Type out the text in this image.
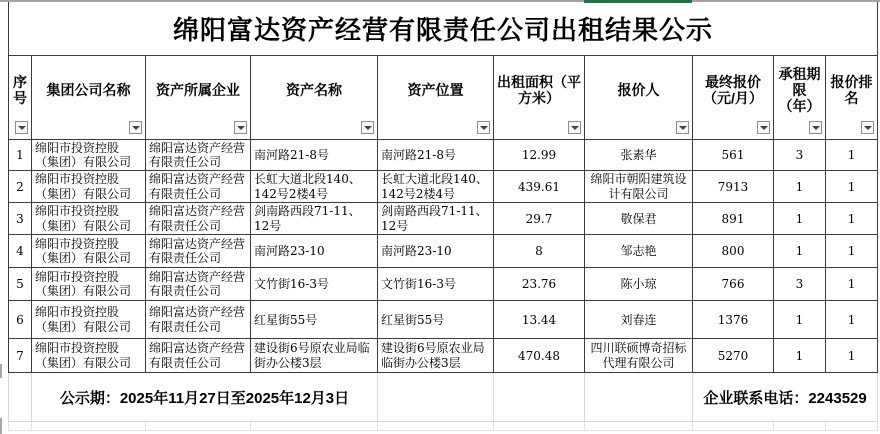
绵阳富达资产经营有限责任公司出租结果公示									
序号	集团公司名称	资产所属企业	资产名称	资产位置	出租面积（平方米）	报价人	最终报价（元/月）	承租期限（年）	报价排名

1	绵阳市投资控股（集团）有限公司	绵阳富达资产经营有限责任公司	南河路21-8号	南河路21-8号	12.99	张素华	561	3	1
2	绵阳市投资控股（集团）有限公司	绵阳富达资产经营有限责任公司	长虹大道北段140、142号2楼4号	长虹大道北段140、142号2楼4号	439.61	绵阳市朝阳建筑设计有限公司	7913	1	1
3	绵阳市投资控股（集团）有限公司	绵阳富达资产经营有限责任公司	剑南路西段71-11、12号	剑南路西段71-11、12号	29.7	敬保君	891	1	1
4	绵阳市投资控股（集团）有限公司	绵阳富达资产经营有限责任公司	南河路23-10	南河路23-10	8	邹志艳	800	1	1
5	绵阳市投资控股（集团）有限公司	绵阳富达资产经营有限责任公司	文竹街16-3号	文竹街16-3号	23.76	陈小琼	766	3	1
6	绵阳市投资控股（集团）有限公司	绵阳富达资产经营有限责任公司	红星街55号	红星街55号	13.44	刘春连	1376	1	1
7	绵阳市投资控股（集团）有限公司	绵阳富达资产经营有限责任公司	建设街6号原农业局临街办公楼3层	建设街6号原农业局临街办公楼3层	470.48	四川联硕博奇招标代理有限公司	5270	1	1
	公示期：2025年11月27日至2025年12月3日						企业联系电话：2243529		
